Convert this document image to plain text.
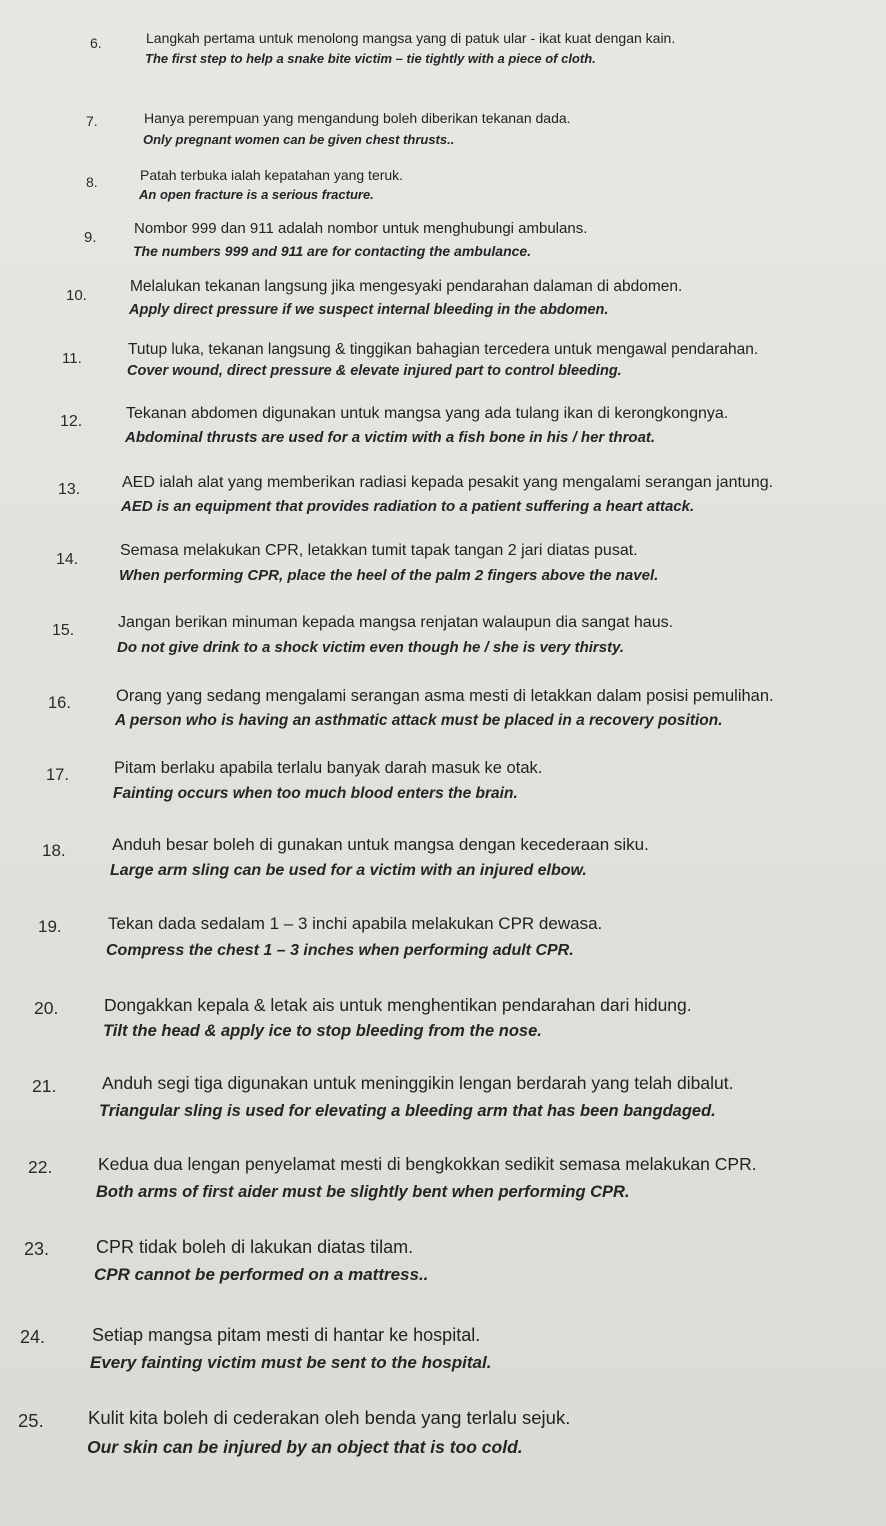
6.	Langkah pertama untuk menolong mangsa yang di patuk ular - ikat kuat dengan kain.
The first step to help a snake bite victim – tie tightly with a piece of cloth.
7.	Hanya perempuan yang mengandung boleh diberikan tekanan dada.
Only pregnant women can be given chest thrusts..
8.	Patah terbuka ialah kepatahan yang teruk.
An open fracture is a serious fracture.
9.
Nombor 999 dan 911 adalah nombor untuk menghubungi ambulans.
The numbers 999 and 911 are for contacting the ambulance.
10.
Melalukan tekanan langsung jika mengesyaki pendarahan dalaman di abdomen.
Apply direct pressure if we suspect internal bleeding in the abdomen.
11.
Tutup luka, tekanan langsung & tinggikan bahagian tercedera untuk mengawal pendarahan.
Cover wound, direct pressure & elevate injured part to control bleeding.
12.	Tekanan abdomen digunakan untuk mangsa yang ada tulang ikan di kerongkongnya.
Abdominal thrusts are used for a victim with a fish bone in his / her throat.
13.	AED ialah alat yang memberikan radiasi kepada pesakit yang mengalami serangan jantung.
AED is an equipment that provides radiation to a patient suffering a heart attack.
14.
Semasa melakukan CPR, letakkan tumit tapak tangan 2 jari diatas pusat.
When performing CPR, place the heel of the palm 2 fingers above the navel.
15.	Jangan berikan minuman kepada mangsa renjatan walaupun dia sangat haus.
Do not give drink to a shock victim even though he / she is very thirsty.
16.	Orang yang sedang mengalami serangan asma mesti di letakkan dalam posisi pemulihan.
A person who is having an asthmatic attack must be placed in a recovery position.
17.	Pitam berlaku apabila terlalu banyak darah masuk ke otak.
Fainting occurs when too much blood enters the brain.
18.	Anduh besar boleh di gunakan untuk mangsa dengan kecederaan siku.
Large arm sling can be used for a victim with an injured elbow.
19.	Tekan dada sedalam 1 – 3 inchi apabila melakukan CPR dewasa.
Compress the chest 1 – 3 inches when performing adult CPR.
20.	Dongakkan kepala & letak ais untuk menghentikan pendarahan dari hidung.
Tilt the head & apply ice to stop bleeding from the nose.
21.	Anduh segi tiga digunakan untuk meninggikin lengan berdarah yang telah dibalut.
Triangular sling is used for elevating a bleeding arm that has been bangdaged.
22.	Kedua dua lengan penyelamat mesti di bengkokkan sedikit semasa melakukan CPR.
Both arms of first aider must be slightly bent when performing CPR.
23.	CPR tidak boleh di lakukan diatas tilam.
CPR cannot be performed on a mattress..
24.	Setiap mangsa pitam mesti di hantar ke hospital.
Every fainting victim must be sent to the hospital.
25. Kulit kita boleh di cederakan oleh benda yang terlalu sejuk.
Our skin can be injured by an object that is too cold.
